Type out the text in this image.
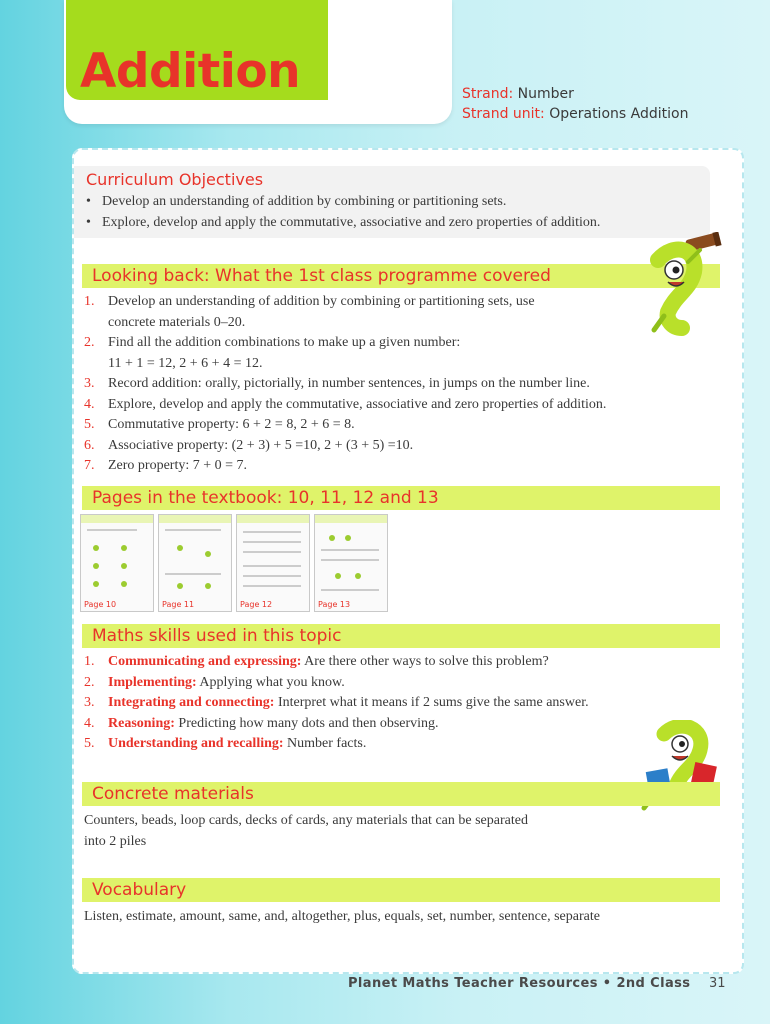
Addition	Strand: Number
Strand unit: Operations Addition
Curriculum Objectives
• Develop an understanding of addition by combining or partitioning sets.
• Explore, develop and apply the commutative, associative and zero properties of addition.
Looking back: What the 1st class programme covered
1. Develop an understanding of addition by combining or partitioning sets, use
concrete materials 0–20.
2. Find all the addition combinations to make up a given number:
11 + 1 = 12, 2 + 6 + 4 = 12.
3. Record addition: orally, pictorially, in number sentences, in jumps on the number line.
4. Explore, develop and apply the commutative, associative and zero properties of addition.
5. Commutative property: 6 + 2 = 8, 2 + 6 = 8.
6. Associative property: (2 + 3) + 5 =10, 2 + (3 + 5) =10.
7. Zero property: 7 + 0 = 7.
Pages in the textbook: 10, 11, 12 and 13
Page 10	Page 11	Page 12	Page 13
Maths skills used in this topic
1. Communicating and expressing: Are there other ways to solve this problem?
2. Implementing: Applying what you know.
3. Integrating and connecting: Interpret what it means if 2 sums give the same answer.
4. Reasoning: Predicting how many dots and then observing.
5. Understanding and recalling: Number facts.
Concrete materials
Counters, beads, loop cards, decks of cards, any materials that can be separated
into 2 piles
Vocabulary
Listen, estimate, amount, same, and, altogether, plus, equals, set, number, sentence, separate
Planet Maths Teacher Resources • 2nd Class 31
